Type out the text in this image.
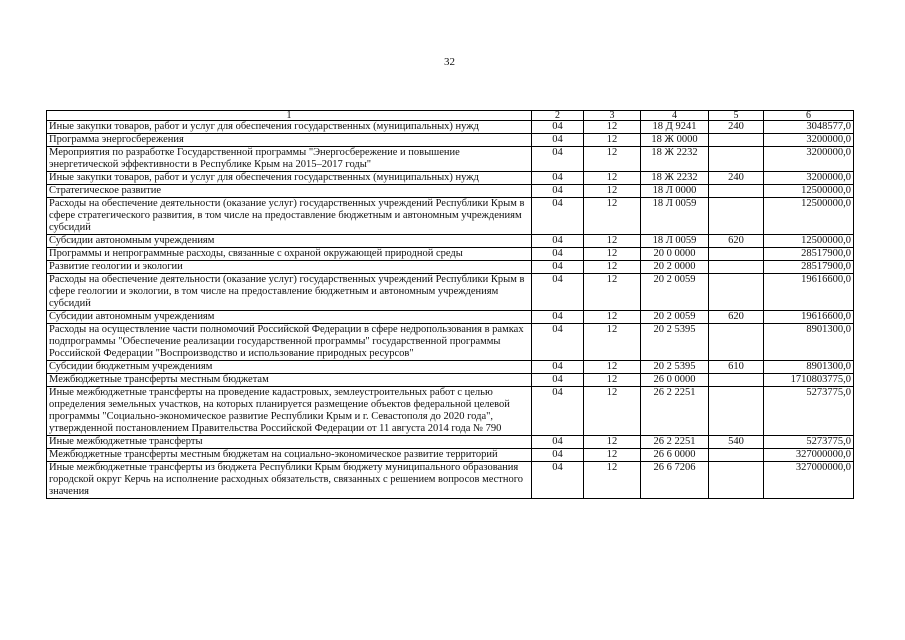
32
1	2	3	4	5	6
Иные закупки товаров, работ и услуг для обеспечения государственных (муниципальных) нужд	04	12	18 Д 9241	240	3048577,0
Программа энергосбережения	04	12	18 Ж 0000		3200000,0
Мероприятия по разработке Государственной программы "Энергосбережение и повышение энергетической эффективности в Республике Крым на 2015–2017 годы"	04	12	18 Ж 2232		3200000,0
Иные закупки товаров, работ и услуг для обеспечения государственных (муниципальных) нужд	04	12	18 Ж 2232	240	3200000,0
Стратегическое развитие	04	12	18 Л 0000		12500000,0
Расходы на обеспечение деятельности (оказание услуг) государственных учреждений Республики Крым в сфере стратегического развития, в том числе на предоставление бюджетным и автономным учреждениям субсидий	04	12	18 Л 0059		12500000,0
Субсидии автономным учреждениям	04	12	18 Л 0059	620	12500000,0
Программы и непрограммные расходы, связанные с охраной окружающей природной среды	04	12	20 0 0000		28517900,0
Развитие геологии и экологии	04	12	20 2 0000		28517900,0
Расходы на обеспечение деятельности (оказание услуг) государственных учреждений Республики Крым в сфере геологии и экологии, в том числе на предоставление бюджетным и автономным учреждениям субсидий	04	12	20 2 0059		19616600,0
Субсидии автономным учреждениям	04	12	20 2 0059	620	19616600,0
Расходы на осуществление части полномочий Российской Федерации в сфере недропользования в рамках подпрограммы "Обеспечение реализации государственной программы" государственной программы Российской Федерации "Воспроизводство и использование природных ресурсов"	04	12	20 2 5395		8901300,0
Субсидии бюджетным учреждениям	04	12	20 2 5395	610	8901300,0
Межбюджетные трансферты местным бюджетам	04	12	26 0 0000		1710803775,0
Иные межбюджетные трансферты на проведение кадастровых, землеустроительных работ с целью определения земельных участков, на которых планируется размещение объектов федеральной целевой программы "Социально-экономическое развитие Республики Крым и г. Севастополя до 2020 года", утвержденной постановлением Правительства Российской Федерации от 11 августа 2014 года № 790	04	12	26 2 2251		5273775,0
Иные межбюджетные трансферты	04	12	26 2 2251	540	5273775,0
Межбюджетные трансферты местным бюджетам на социально-экономическое развитие территорий	04	12	26 6 0000		327000000,0
Иные межбюджетные трансферты из бюджета Республики Крым бюджету муниципального образования городской округ Керчь на исполнение расходных обязательств, связанных с решением вопросов местного значения	04	12	26 6 7206		327000000,0
